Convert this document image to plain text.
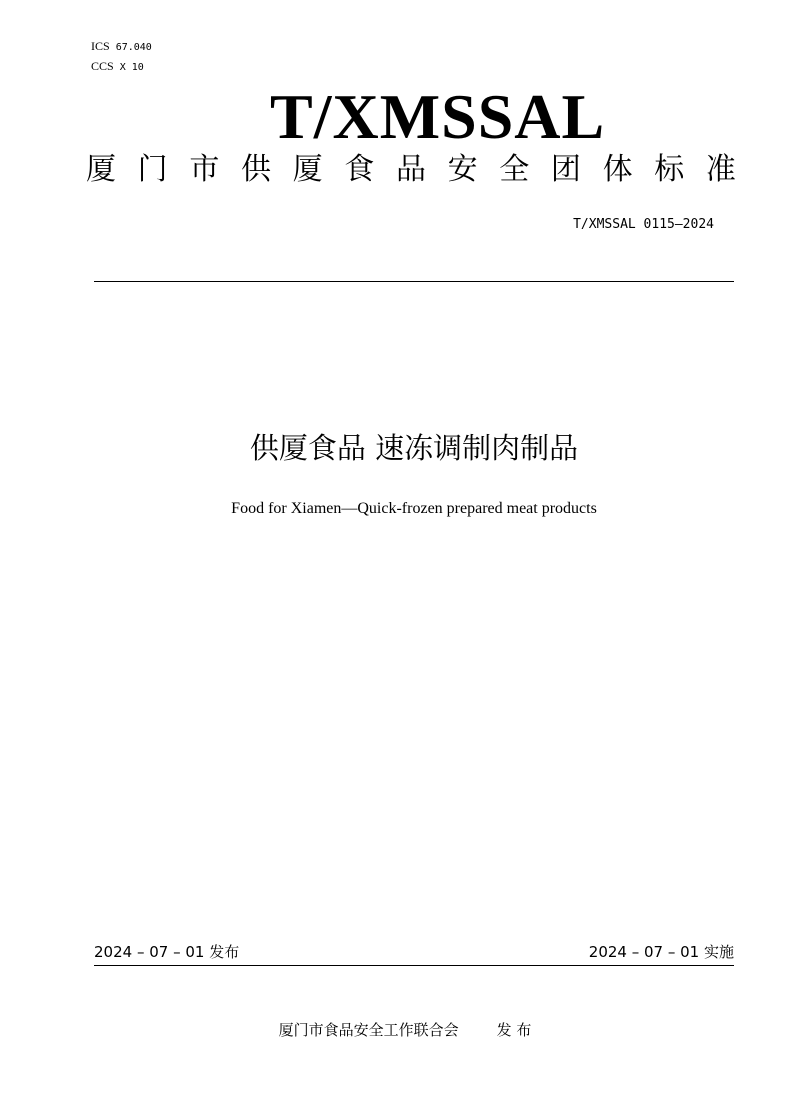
ICS 67.040
CCS X 10
T/XMSSAL
厦 门 市 供 厦 食 品 安 全 团 体 标 准
T/XMSSAL 0115—2024
供厦食品 速冻调制肉制品
Food for Xiamen—Quick-frozen prepared meat products
2024 – 07 – 01 发布	2024 – 07 – 01 实施
厦门市食品安全工作联合会	发 布
